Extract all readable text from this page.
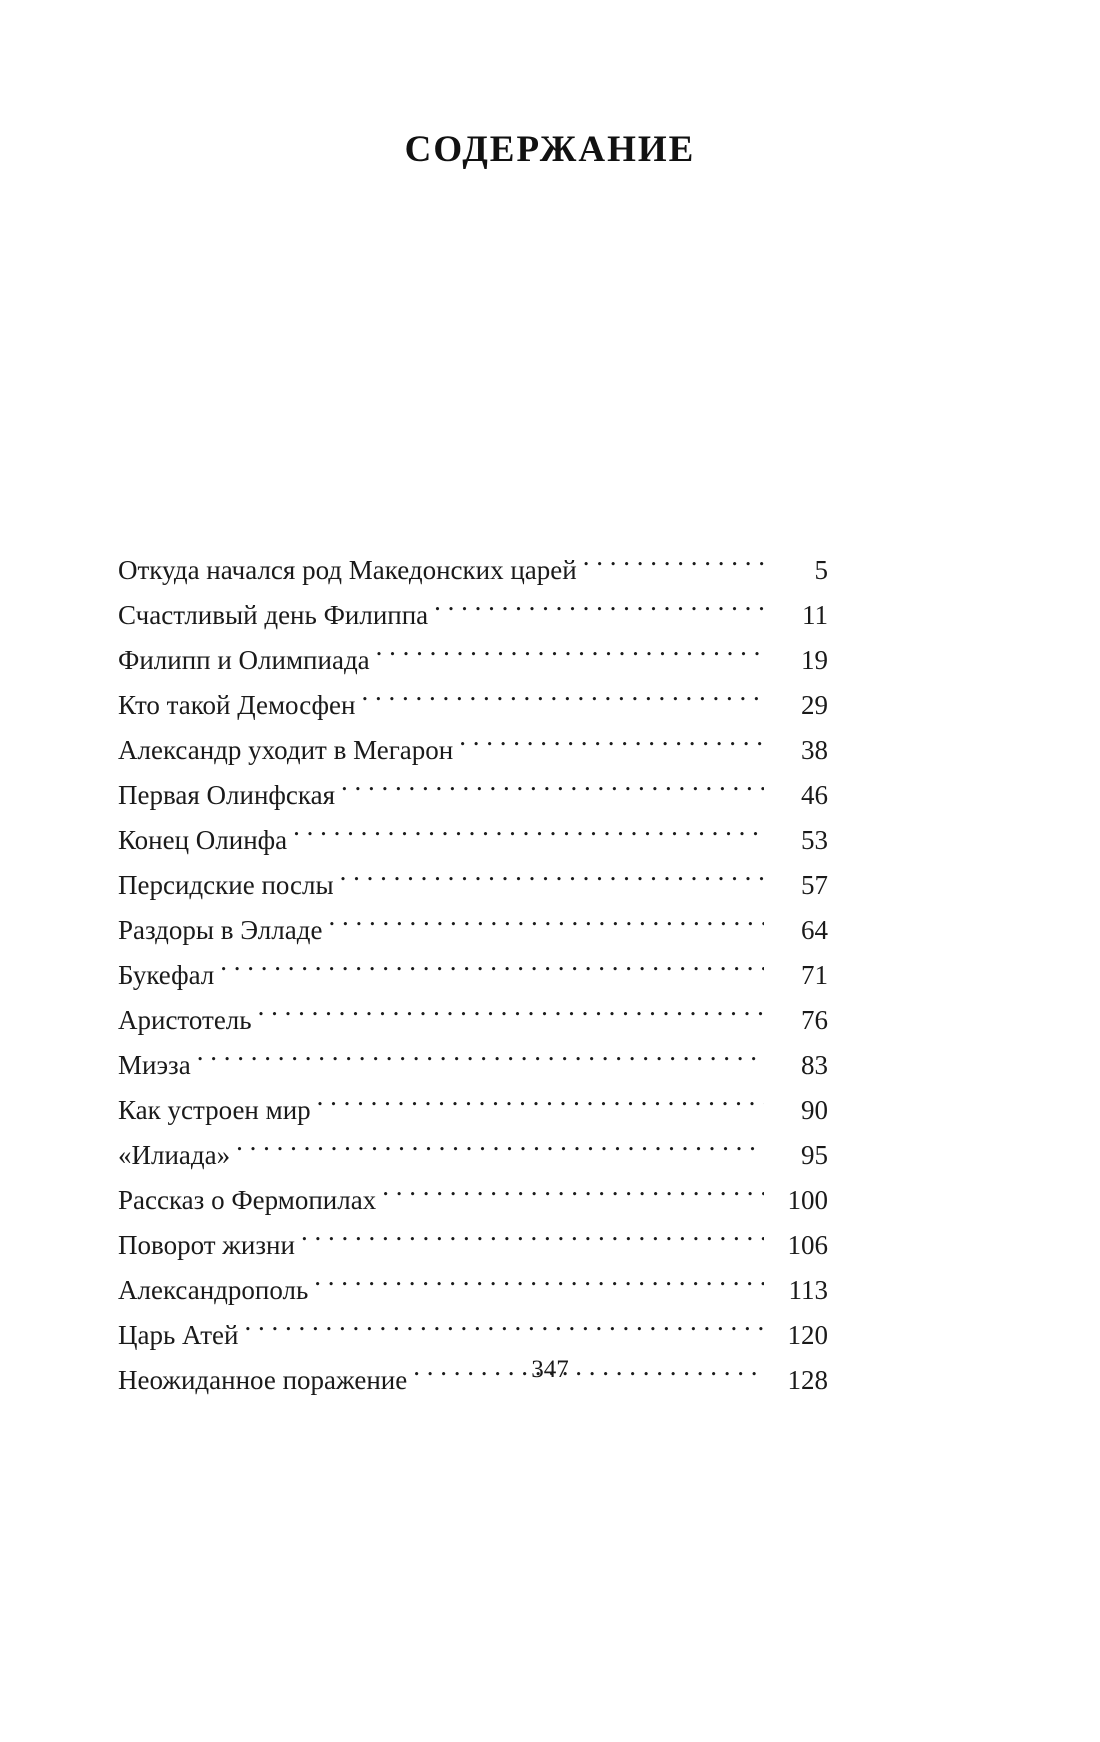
СОДЕРЖАНИЕ
Откуда начался род Македонских царей . . .	5
Счастливый день Филиппа . . .	11
Филипп и Олимпиада . . .	19
Кто такой Демосфен . . .	29
Александр уходит в Мегарон . . .	38
Первая Олинфская . . .	46
Конец Олинфа . . .	53
Персидские послы . . .	57
Раздоры в Элладе . . .	64
Букефал . . .	71
Аристотель . . .	76
Миэза . . .	83
Как устроен мир . . .	90
«Илиада» . . .	95
Рассказ о Фермопилах . . .	100
Поворот жизни . . .	106
Александрополь . . .	113
Царь Атей . . .	120
Неожиданное поражение . . .	128
347
